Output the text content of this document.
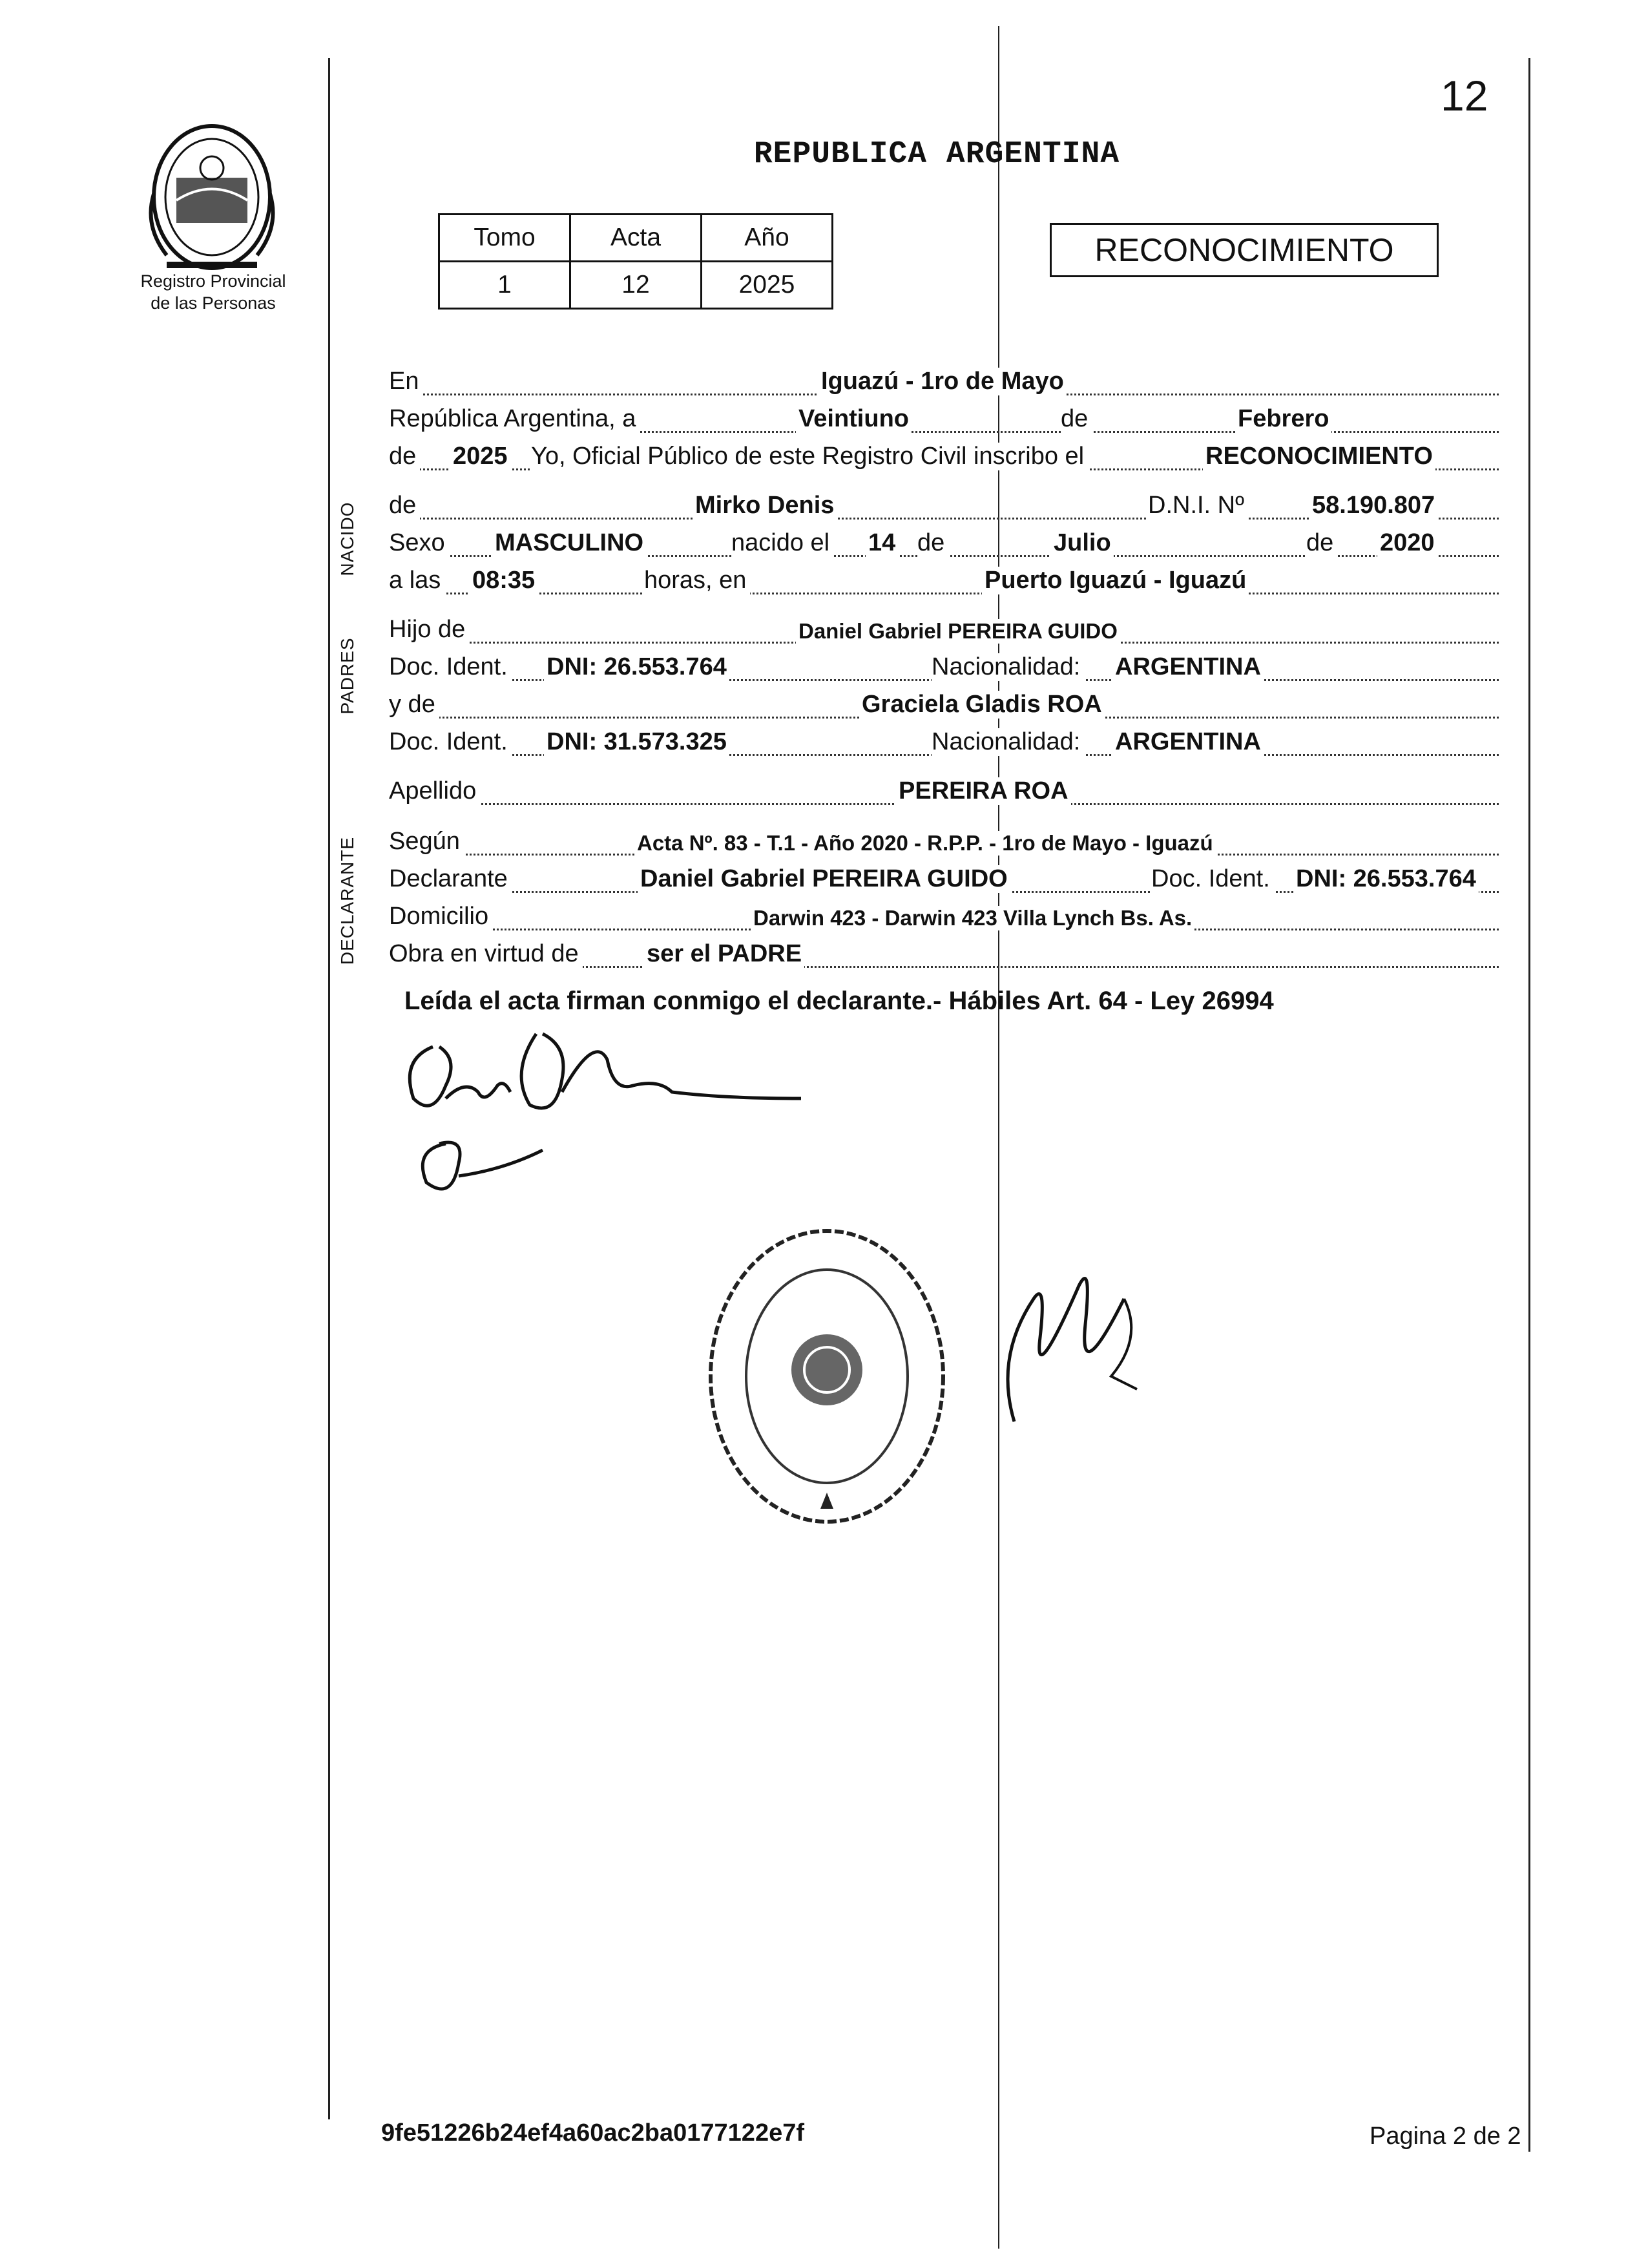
12
Registro Provincial
de las Personas
REPUBLICA ARGENTINA
Tomo	Acta	Año
1	12	2025
RECONOCIMIENTO
NACIDO
PADRES
DECLARANTE
En	Iguazú - 1ro de Mayo
República Argentina, a	Veintiuno	de	Febrero
de 2025 Yo, Oficial Público de este Registro Civil inscribo el	RECONOCIMIENTO
de	Mirko Denis	D.N.I. Nº	58.190.807
Sexo MASCULINO	nacido el 14 de	Julio	de 2020
a las 08:35	horas, en	Puerto Iguazú - Iguazú
Hijo de	Daniel Gabriel PEREIRA GUIDO
Doc. Ident. DNI: 26.553.764	Nacionalidad: ARGENTINA
y de	Graciela Gladis ROA
Doc. Ident. DNI: 31.573.325	Nacionalidad: ARGENTINA
Apellido	PEREIRA ROA
Según	Acta Nº. 83 - T.1 - Año 2020 - R.P.P. - 1ro de Mayo - Iguazú
Declarante	Daniel Gabriel PEREIRA GUIDO	Doc. Ident. DNI: 26.553.764
Domicilio	Darwin 423 - Darwin 423 Villa Lynch Bs. As.
Obra en virtud de	ser el PADRE
Leída el acta firman conmigo el declarante.- Hábiles Art. 64 - Ley 26994
9fe51226b24ef4a60ac2ba0177122e7f	Pagina 2 de 2
